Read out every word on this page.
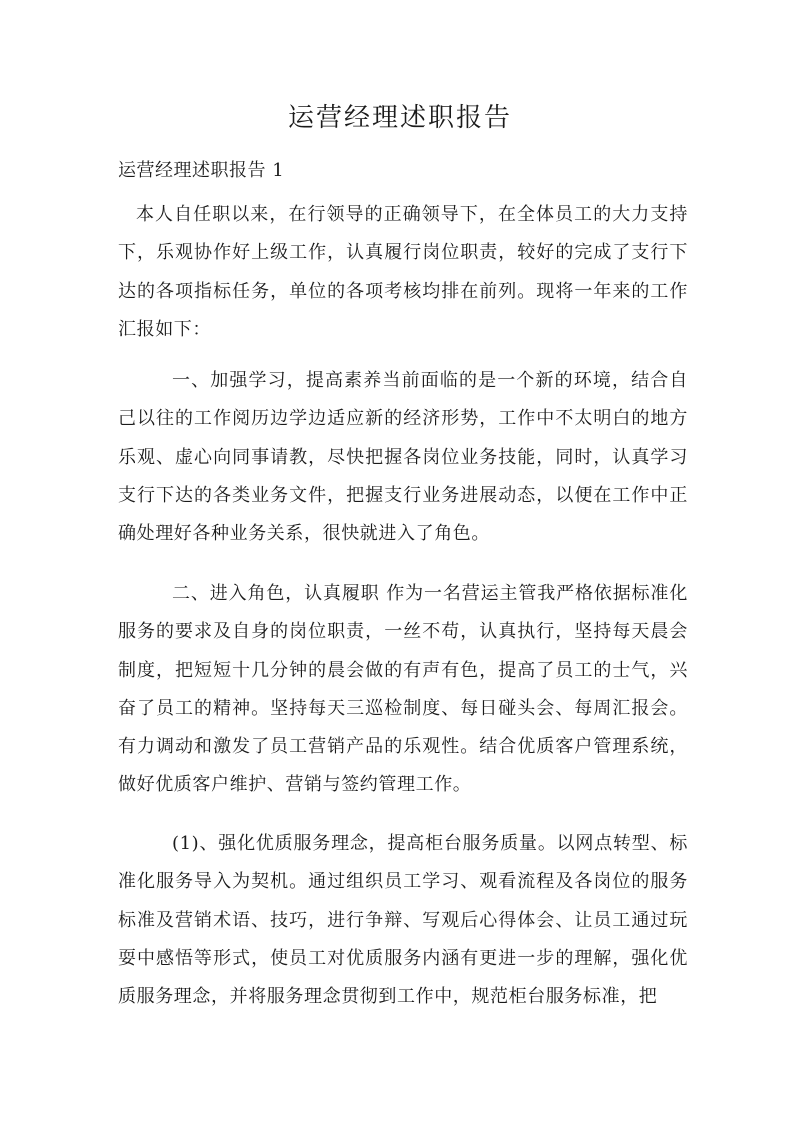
运营经理述职报告
运营经理述职报告 1

本人自任职以来，在行领导的正确领导下，在全体员工的大力支持下，乐观协作好上级工作，认真履行岗位职责，较好的完成了支行下达的各项指标任务，单位的各项考核均排在前列。现将一年来的工作汇报如下：

一、加强学习，提高素养当前面临的是一个新的环境，结合自己以往的工作阅历边学边适应新的经济形势，工作中不太明白的地方乐观、虚心向同事请教，尽快把握各岗位业务技能，同时，认真学习支行下达的各类业务文件，把握支行业务进展动态，以便在工作中正确处理好各种业务关系，很快就进入了角色。

二、进入角色，认真履职 作为一名营运主管我严格依据标准化服务的要求及自身的岗位职责，一丝不苟，认真执行，坚持每天晨会制度，把短短十几分钟的晨会做的有声有色，提高了员工的士气，兴奋了员工的精神。坚持每天三巡检制度、每日碰头会、每周汇报会。有力调动和激发了员工营销产品的乐观性。结合优质客户管理系统，做好优质客户维护、营销与签约管理工作。

(1)、强化优质服务理念，提高柜台服务质量。以网点转型、标准化服务导入为契机。通过组织员工学习、观看流程及各岗位的服务标准及营销术语、技巧，进行争辩、写观后心得体会、让员工通过玩耍中感悟等形式，使员工对优质服务内涵有更进一步的理解，强化优质服务理念，并将服务理念贯彻到工作中，规范柜台服务标准，把
